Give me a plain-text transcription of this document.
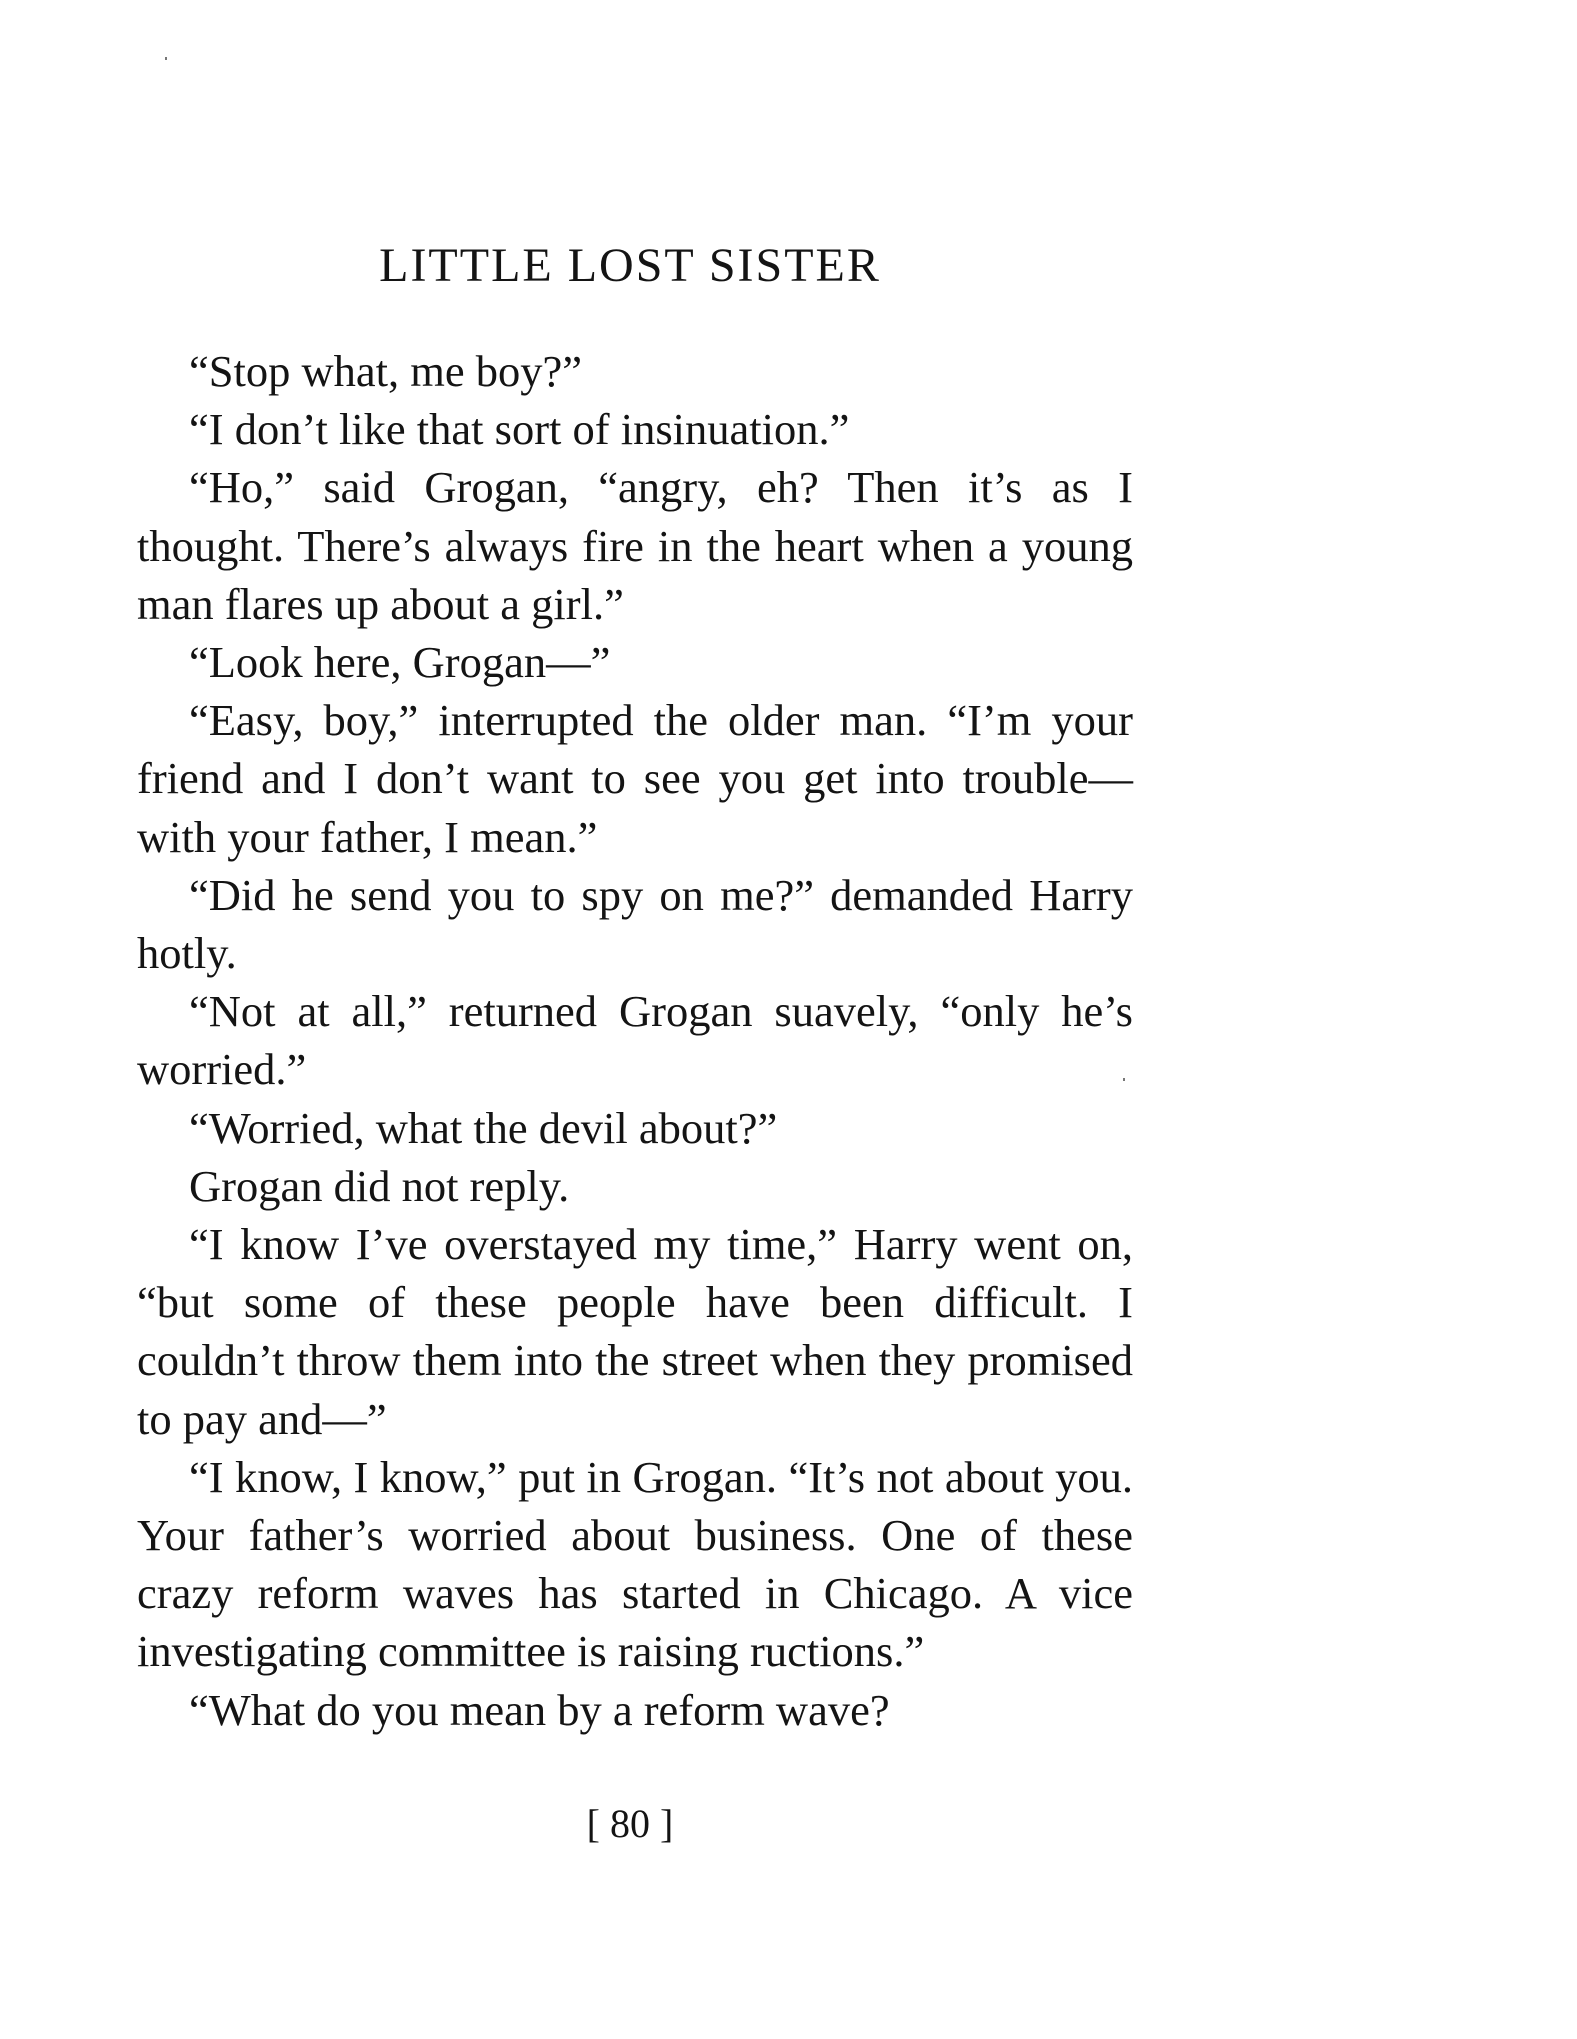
LITTLE LOST SISTER

“Stop what, me boy?”

“I don’t like that sort of insinuation.”

“Ho,” said Grogan, “angry, eh? Then it’s as I thought. There’s always fire in the heart when a young man flares up about a girl.”

“Look here, Grogan—”

“Easy, boy,” interrupted the older man. “I’m your friend and I don’t want to see you get into trouble—with your father, I mean.”

“Did he send you to spy on me?” demanded Harry hotly.

“Not at all,” returned Grogan suavely, “only he’s worried.”

“Worried, what the devil about?”

Grogan did not reply.

“I know I’ve overstayed my time,” Harry went on, “but some of these people have been difficult. I couldn’t throw them into the street when they promised to pay and—”

“I know, I know,” put in Grogan. “It’s not about you. Your father’s worried about business. One of these crazy reform waves has started in Chicago. A vice investigating committee is raising ructions.”

“What do you mean by a reform wave?

[ 80 ]
